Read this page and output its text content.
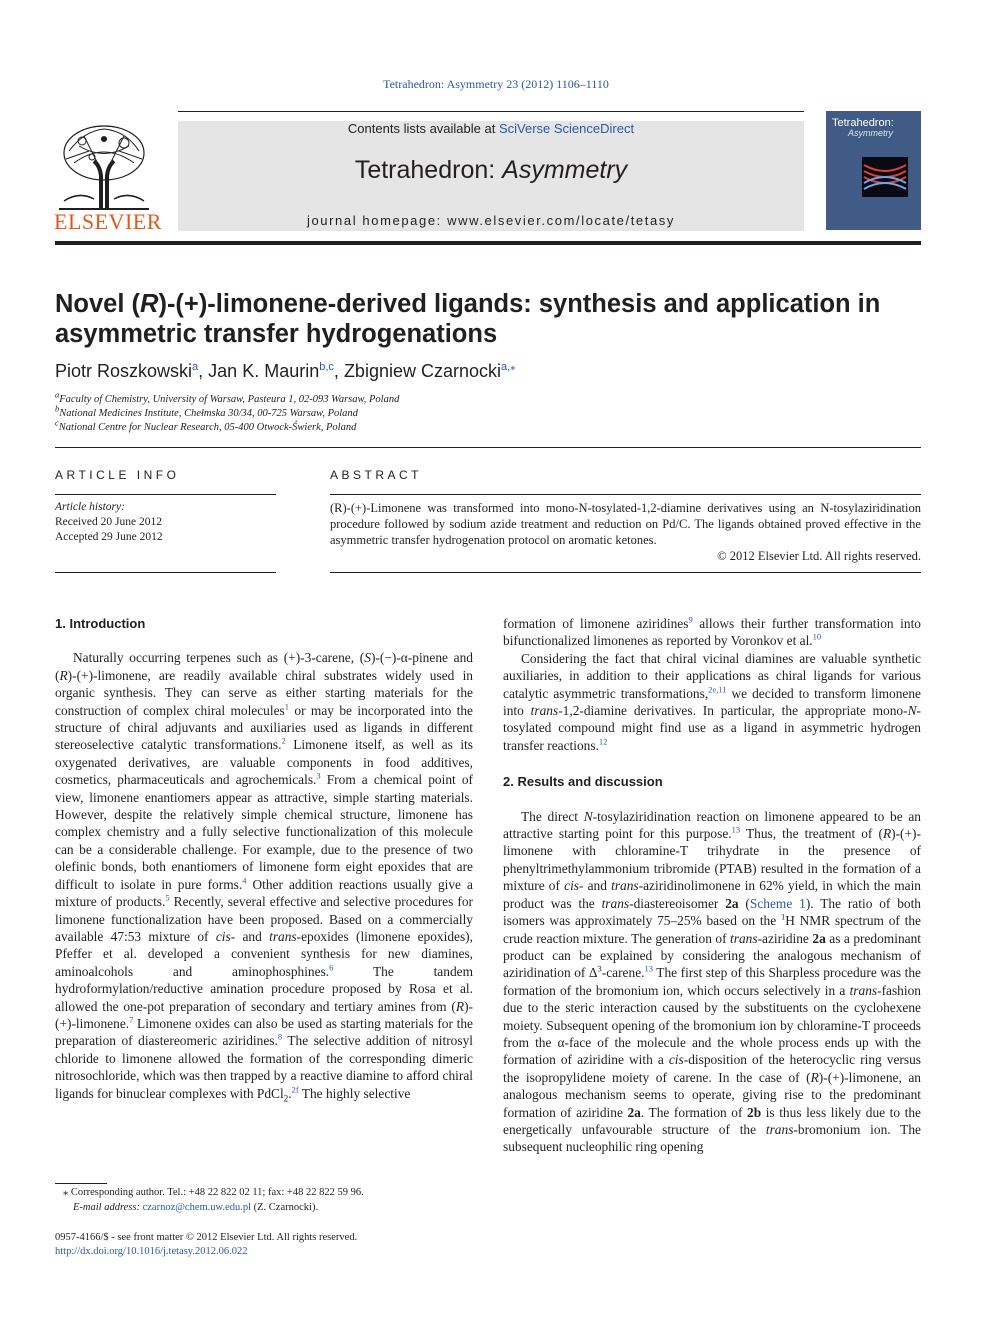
Tetrahedron: Asymmetry 23 (2012) 1106–1110
ELSEVIER
Contents lists available at SciVerse ScienceDirect
Tetrahedron: Asymmetry
journal homepage: www.elsevier.com/locate/tetasy
Tetrahedron:
Asymmetry
Novel (R)-(+)-limonene-derived ligands: synthesis and application in asymmetric transfer hydrogenations
Piotr Roszkowski$^a$, Jan K. Maurin$^{b,c}$, Zbigniew Czarnocki$^{a,⁎}$
$^a$Faculty of Chemistry, University of Warsaw, Pasteura 1, 02-093 Warsaw, Poland
$^b$National Medicines Institute, Chełmska 30/34, 00-725 Warsaw, Poland
$^c$National Centre for Nuclear Research, 05-400 Otwock-Świerk, Poland
ARTICLE INFO
Article history:
Received 20 June 2012
Accepted 29 June 2012
ABSTRACT
(R)-(+)-Limonene was transformed into mono-N-tosylated-1,2-diamine derivatives using an N-tosylaziridination procedure followed by sodium azide treatment and reduction on Pd/C. The ligands obtained proved effective in the asymmetric transfer hydrogenation protocol on aromatic ketones.
© 2012 Elsevier Ltd. All rights reserved.

1. Introduction

Naturally occurring terpenes such as (+)-3-carene, (S)-(−)-α-pinene and (R)-(+)-limonene, are readily available chiral substrates widely used in organic synthesis. They can serve as either starting materials for the construction of complex chiral molecules$^1$ or may be incorporated into the structure of chiral adjuvants and auxiliaries used as ligands in different stereoselective catalytic transformations.$^2$ Limonene itself, as well as its oxygenated derivatives, are valuable components in food additives, cosmetics, pharmaceuticals and agrochemicals.$^3$ From a chemical point of view, limonene enantiomers appear as attractive, simple starting materials. However, despite the relatively simple chemical structure, limonene has complex chemistry and a fully selective functionalization of this molecule can be a considerable challenge. For example, due to the presence of two olefinic bonds, both enantiomers of limonene form eight epoxides that are difficult to isolate in pure forms.$^4$ Other addition reactions usually give a mixture of products.$^5$ Recently, several effective and selective procedures for limonene functionalization have been proposed. Based on a commercially available 47:53 mixture of cis- and trans-epoxides (limonene epoxides), Pfeffer et al. developed a convenient synthesis for new diamines, aminoalcohols and aminophosphines.$^6$ The tandem hydroformylation/reductive amination procedure proposed by Rosa et al. allowed the one-pot preparation of secondary and tertiary amines from (R)-(+)-limonene.$^7$ Limonene oxides can also be used as starting materials for the preparation of diastereomeric aziridines.$^8$ The selective addition of nitrosyl chloride to limonene allowed the formation of the corresponding dimeric nitrosochloride, which was then trapped by a reactive diamine to afford chiral ligands for binuclear complexes with PdCl$_2$.$^{2f}$ The highly selective

⁎ Corresponding author. Tel.: +48 22 822 02 11; fax: +48 22 822 59 96.
E-mail address: czarnoz@chem.uw.edu.pl (Z. Czarnocki).
0957-4166/$ - see front matter © 2012 Elsevier Ltd. All rights reserved.
http://dx.doi.org/10.1016/j.tetasy.2012.06.022

formation of limonene aziridines$^9$ allows their further transformation into bifunctionalized limonenes as reported by Voronkov et al.$^{10}$

Considering the fact that chiral vicinal diamines are valuable synthetic auxiliaries, in addition to their applications as chiral ligands for various catalytic asymmetric transformations,$^{2e,11}$ we decided to transform limonene into trans-1,2-diamine derivatives. In particular, the appropriate mono-N-tosylated compound might find use as a ligand in asymmetric hydrogen transfer reactions.$^{12}$

2. Results and discussion

The direct N-tosylaziridination reaction on limonene appeared to be an attractive starting point for this purpose.$^{13}$ Thus, the treatment of (R)-(+)-limonene with chloramine-T trihydrate in the presence of phenyltrimethylammonium tribromide (PTAB) resulted in the formation of a mixture of cis- and trans-aziridinolimonene in 62% yield, in which the main product was the trans-diastereoisomer 2a (Scheme 1). The ratio of both isomers was approximately 75–25% based on the $^1$H NMR spectrum of the crude reaction mixture. The generation of trans-aziridine 2a as a predominant product can be explained by considering the analogous mechanism of aziridination of $\Delta^3-carene.^{13}$ The first step of this Sharpless procedure was the formation of the bromonium ion, which occurs selectively in a trans-fashion due to the steric interaction caused by the substituents on the cyclohexene moiety. Subsequent opening of the bromonium ion by chloramine-T proceeds from the α-face of the molecule and the whole process ends up with the formation of aziridine with a cis-disposition of the heterocyclic ring versus the isopropylidene moiety of carene. In the case of (R)-(+)-limonene, an analogous mechanism seems to operate, giving rise to the predominant formation of aziridine 2a. The formation of 2b is thus less likely due to the energetically unfavourable structure of the trans-bromonium ion. The subsequent nucleophilic ring opening
